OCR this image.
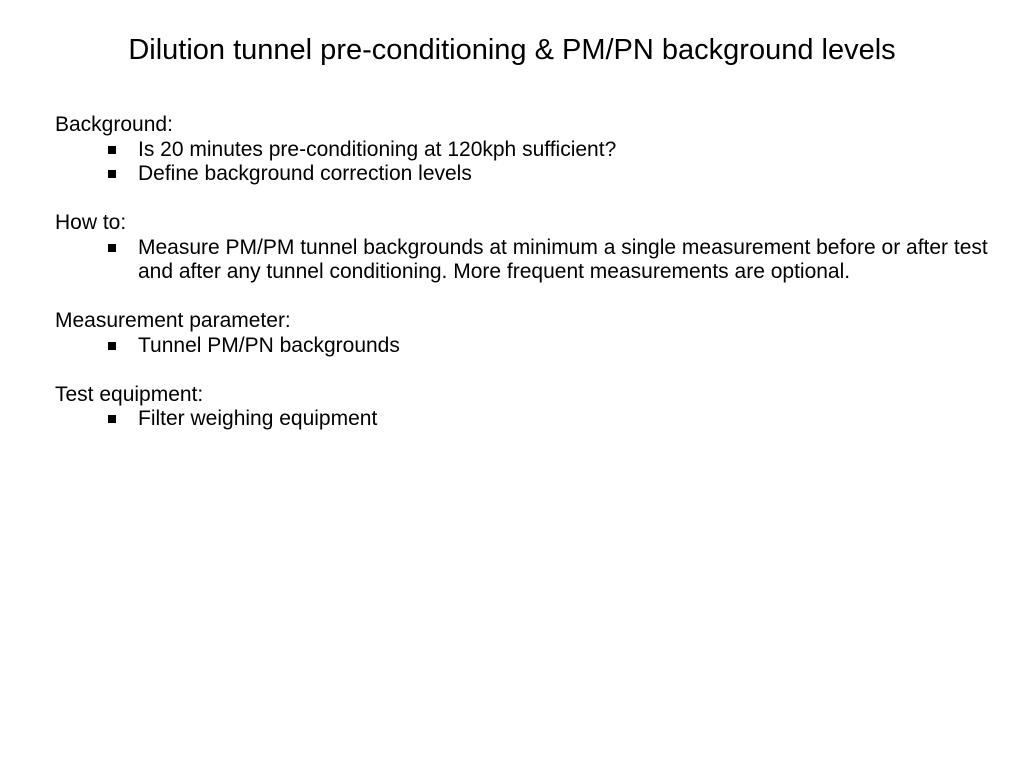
Dilution tunnel pre-conditioning & PM/PN background levels
Background:
Is 20 minutes pre-conditioning at 120kph sufficient?
Define background correction levels
How to:
Measure PM/PM tunnel backgrounds at minimum a single measurement before or after test and after any tunnel conditioning. More frequent measurements are optional.
Measurement parameter:
Tunnel PM/PN backgrounds
Test equipment:
Filter weighing equipment
